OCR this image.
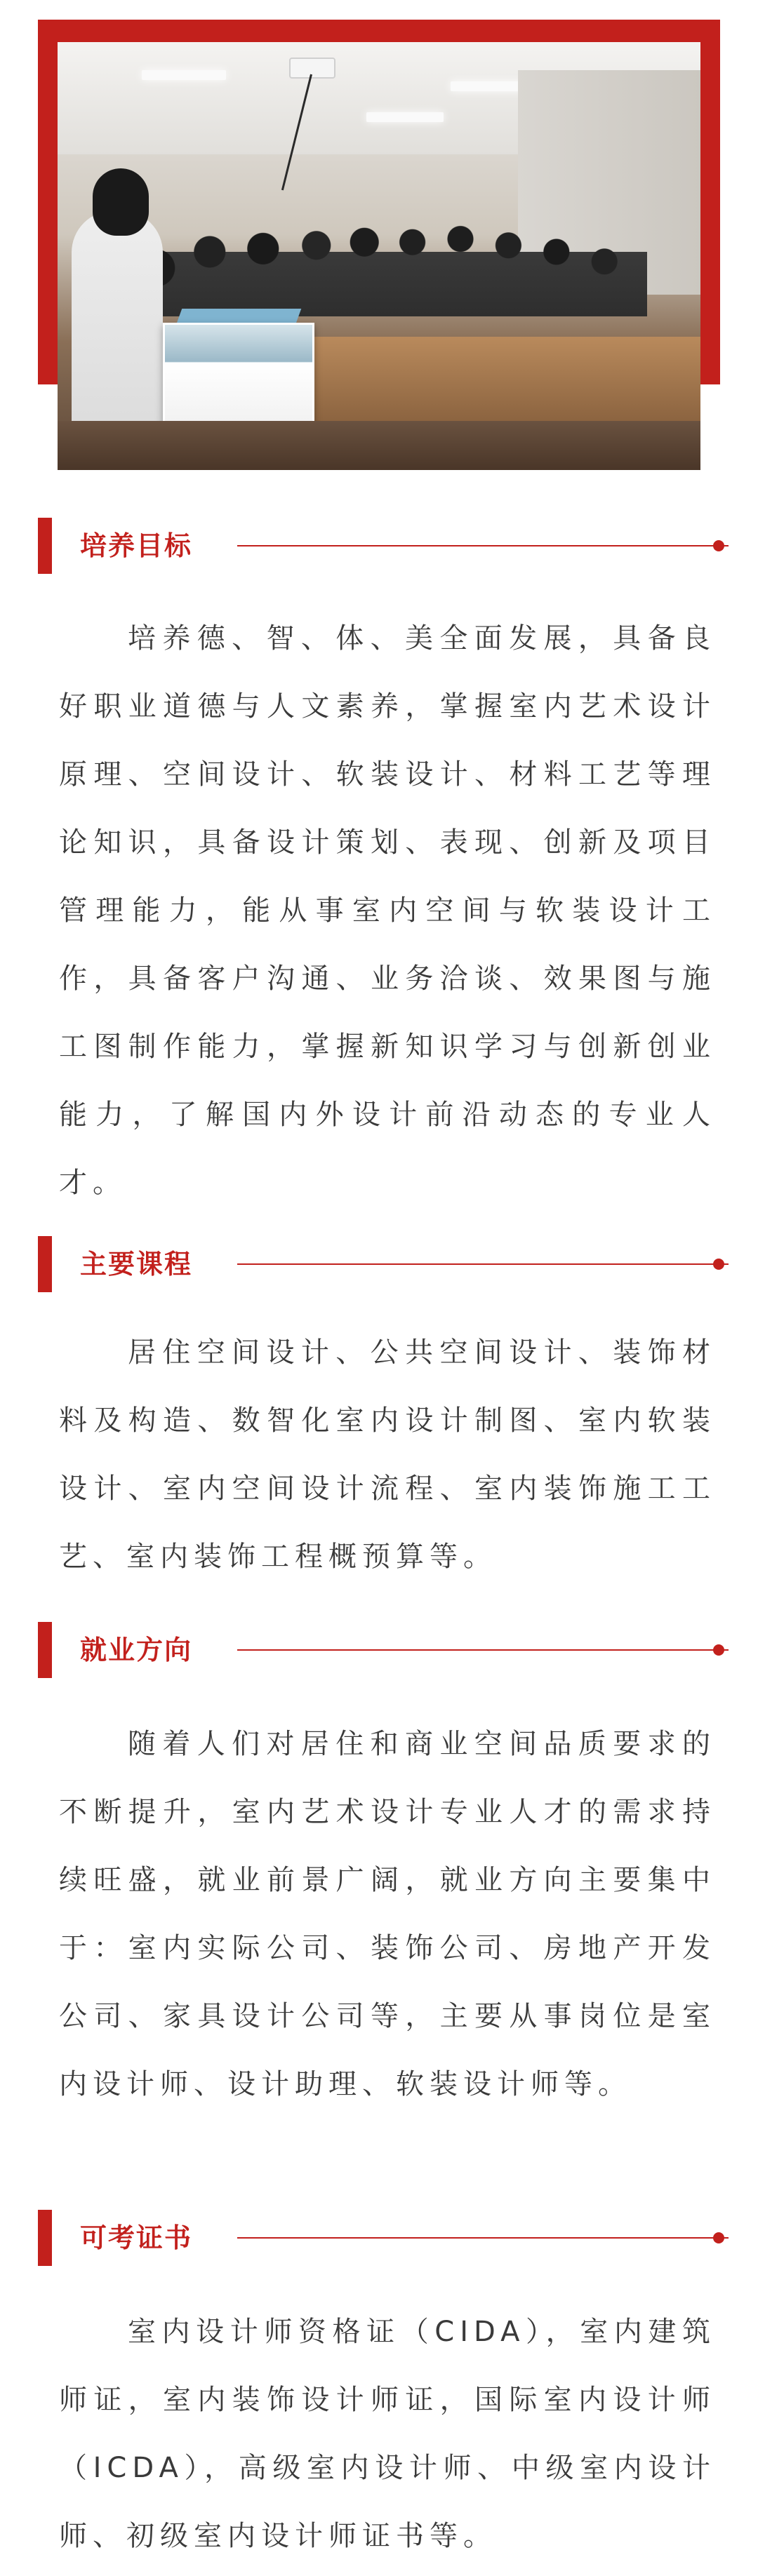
培养目标

培养德、智、体、美全面发展，具备良好职业道德与人文素养，掌握室内艺术设计原理、空间设计、软装设计、材料工艺等理论知识，具备设计策划、表现、创新及项目管理能力，能从事室内空间与软装设计工作，具备客户沟通、业务洽谈、效果图与施工图制作能力，掌握新知识学习与创新创业能力，了解国内外设计前沿动态的专业人才。

主要课程

居住空间设计、公共空间设计、装饰材料及构造、数智化室内设计制图、室内软装设计、室内空间设计流程、室内装饰施工工艺、室内装饰工程概预算等。

就业方向

随着人们对居住和商业空间品质要求的不断提升，室内艺术设计专业人才的需求持续旺盛，就业前景广阔，就业方向主要集中于：室内实际公司、装饰公司、房地产开发公司、家具设计公司等，主要从事岗位是室内设计师、设计助理、软装设计师等。

可考证书

室内设计师资格证（CIDA），室内建筑师证，室内装饰设计师证，国际室内设计师（ICDA），高级室内设计师、中级室内设计师、初级室内设计师证书等。
